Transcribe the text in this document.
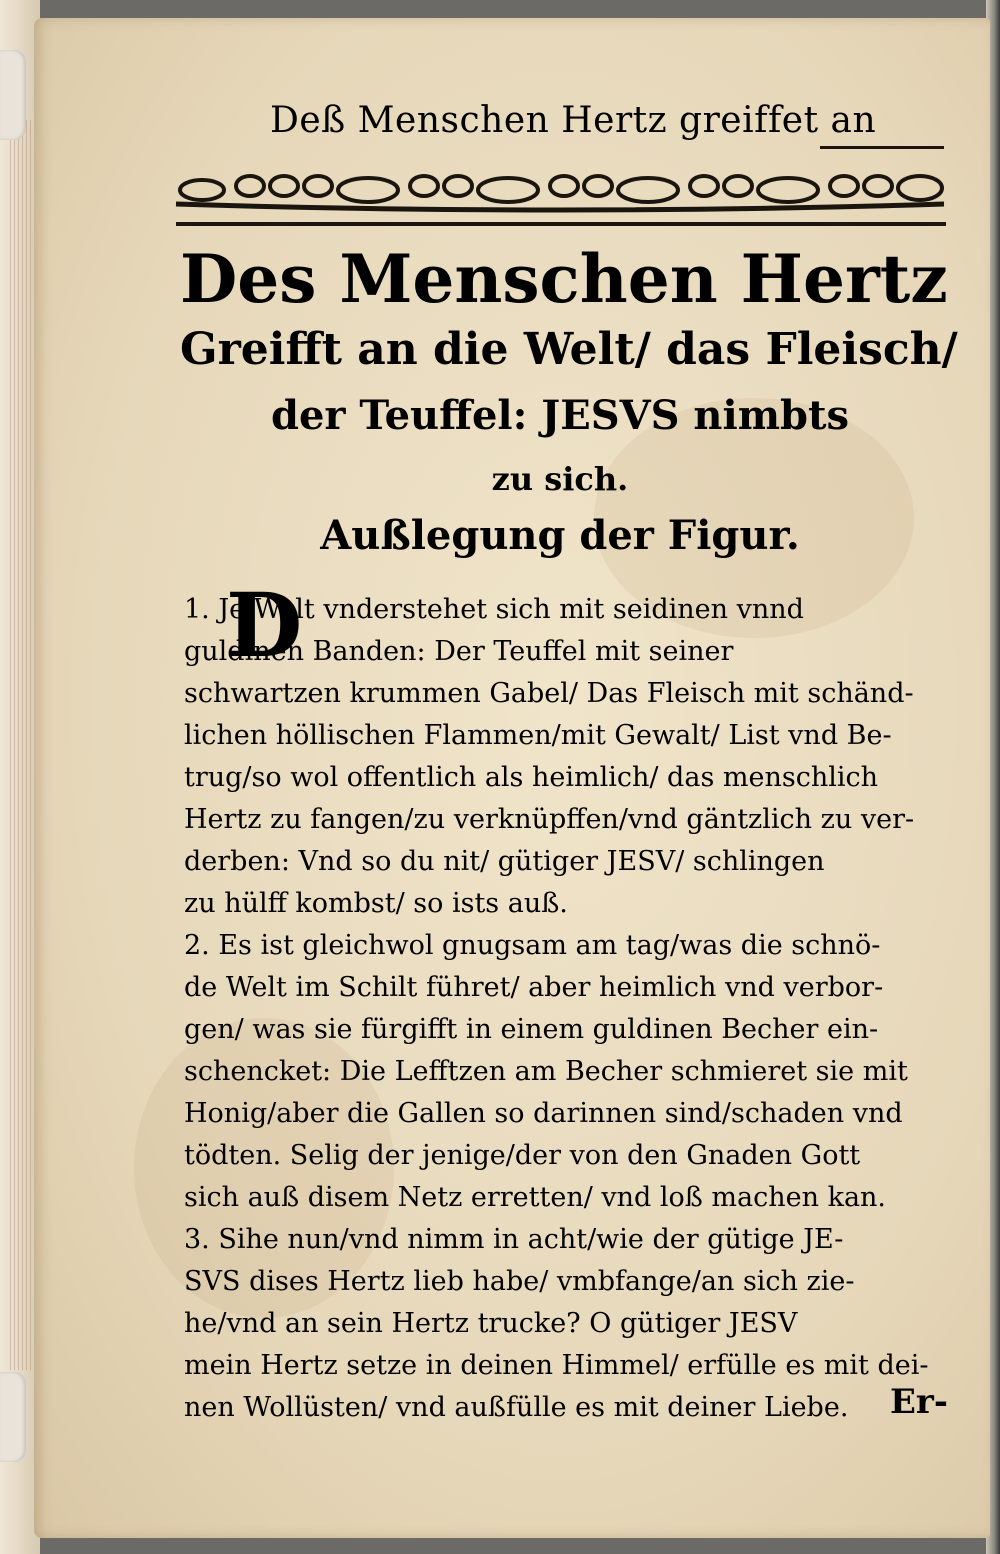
Deß Menschen Hertz greiffet an
Des Menschen Hertz
Greifft an die Welt/ das Fleisch/
der Teuffel: JESVS nimbts
zu sich.
Außlegung der Figur.
D
1. Je Welt vnderstehet sich mit seidinen vnnd
guldinen Banden: Der Teuffel mit seiner
schwartzen krummen Gabel/ Das Fleisch mit schänd-
lichen höllischen Flammen/mit Gewalt/ List vnd Be-
trug/so wol offentlich als heimlich/ das menschlich
Hertz zu fangen/zu verknüpffen/vnd gäntzlich zu ver-
derben: Vnd so du nit/ gütiger JESV/ schlingen
zu hülff kombst/ so ists auß.
2. Es ist gleichwol gnugsam am tag/was die schnö-
de Welt im Schilt führet/ aber heimlich vnd verbor-
gen/ was sie fürgifft in einem guldinen Becher ein-
schencket: Die Lefftzen am Becher schmieret sie mit
Honig/aber die Gallen so darinnen sind/schaden vnd
tödten. Selig der jenige/der von den Gnaden Gott
sich auß disem Netz erretten/ vnd loß machen kan.
3. Sihe nun/vnd nimm in acht/wie der gütige JE-
SVS dises Hertz lieb habe/ vmbfange/an sich zie-
he/vnd an sein Hertz trucke? O gütiger JESV
mein Hertz setze in deinen Himmel/ erfülle es mit dei-
nen Wollüsten/ vnd außfülle es mit deiner Liebe.	Er-
